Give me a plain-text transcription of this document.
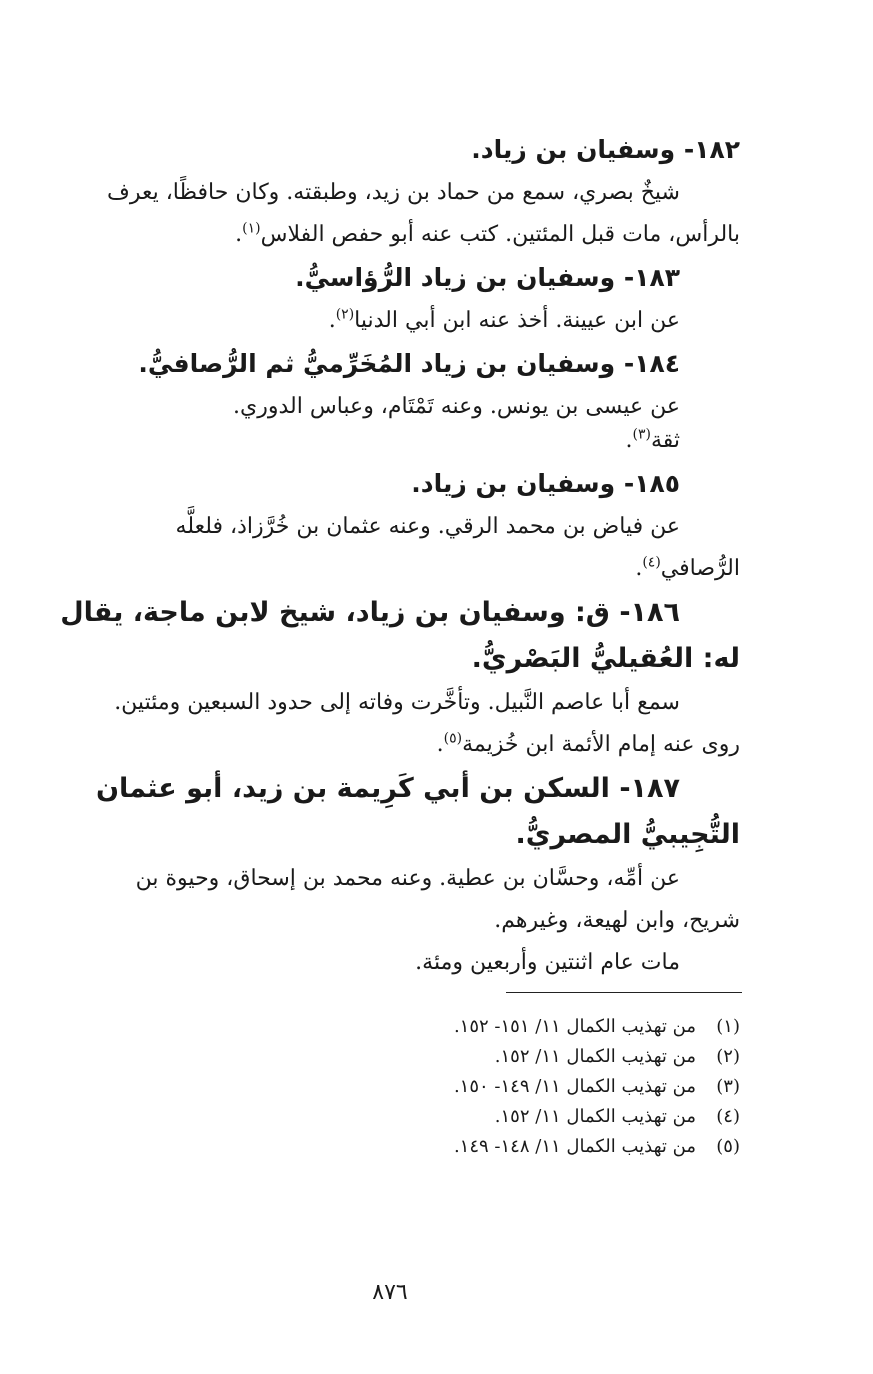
١٨٢- وسفيان بن زياد.

شيخٌ بصري، سمع من حماد بن زيد، وطبقته. وكان حافظًا، يعرف
بالرأس، مات قبل المئتين. كتب عنه أبو حفص الفلاس$^{(١)}$.

١٨٣- وسفيان بن زياد الرُّؤاسيُّ.

عن ابن عيينة. أخذ عنه ابن أبي الدنيا$^{(٢)}$.

١٨٤- وسفيان بن زياد المُخَرِّميُّ ثم الرُّصافيُّ.

عن عيسى بن يونس. وعنه تَمْتَام، وعباس الدوري.
ثقة$^{(٣)}$.

١٨٥- وسفيان بن زياد.

عن فياض بن محمد الرقي. وعنه عثمان بن خُرَّزاذ، فلعلَّه
الرُّصافي$^{(٤)}$.

١٨٦- ق: وسفيان بن زياد، شيخ لابن ماجة، يقال له: العُقيليُّ البَصْريُّ.

سمع أبا عاصم النَّبيل. وتأخَّرت وفاته إلى حدود السبعين ومئتين.
روى عنه إمام الأئمة ابن خُزيمة$^{(٥)}$.

١٨٧- السكن بن أبي كَرِيمة بن زيد، أبو عثمان التُّجِيبيُّ المصريُّ.

عن أمِّه، وحسَّان بن عطية. وعنه محمد بن إسحاق، وحيوة بن
شريح، وابن لهيعة، وغيرهم.
مات عام اثنتين وأربعين ومئة.

(١)من تهذيب الكمال ١١/ ١٥١- ١٥٢.

(٢)من تهذيب الكمال ١١/ ١٥٢.

(٣)من تهذيب الكمال ١١/ ١٤٩- ١٥٠.

(٤)من تهذيب الكمال ١١/ ١٥٢.

(٥)من تهذيب الكمال ١١/ ١٤٨- ١٤٩.

٨٧٦
